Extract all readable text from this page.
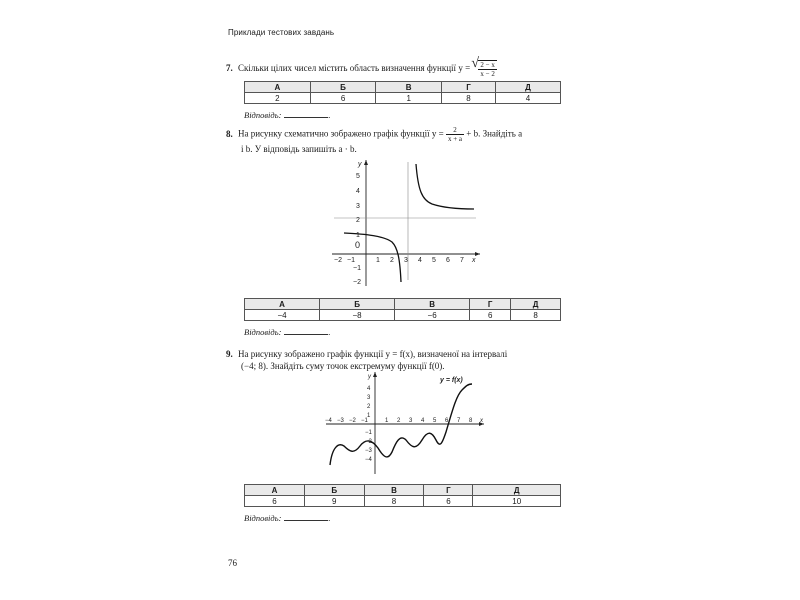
Приклади тестових завдань

7. Скільки цілих чисел містить область визначення функції y = √ $\frac{2 - x}{x - 2}$

А	Б	В	Г	Д
2	6	1	8	4
Відповідь:	.

8. На рисунку схематично зображено графік функції $y = \frac{2}{x + a} + b$. Знайдіть a

і b. У відповідь запишіть a · b.

−2 −1	1 2 3 4 5 6 7 x
5
4
3
2
1
0
−1
−2
y
А	Б	В	Г	Д
−4	−8	−6	6	8
Відповідь:	.

9. На рисунку зображено графік функції y = f(x), визначеної на інтервалі

(−4; 8). Знайдіть суму точок екстремуму функції f(0).

y = f(x)
−4 −3 −2 −1	1 2 3 4 5 6 7 8 x
4
3
2
1
−1
−2
−3
−4
y
А	Б	В	Г	Д
6	9	8	6	10
Відповідь:	.
76
